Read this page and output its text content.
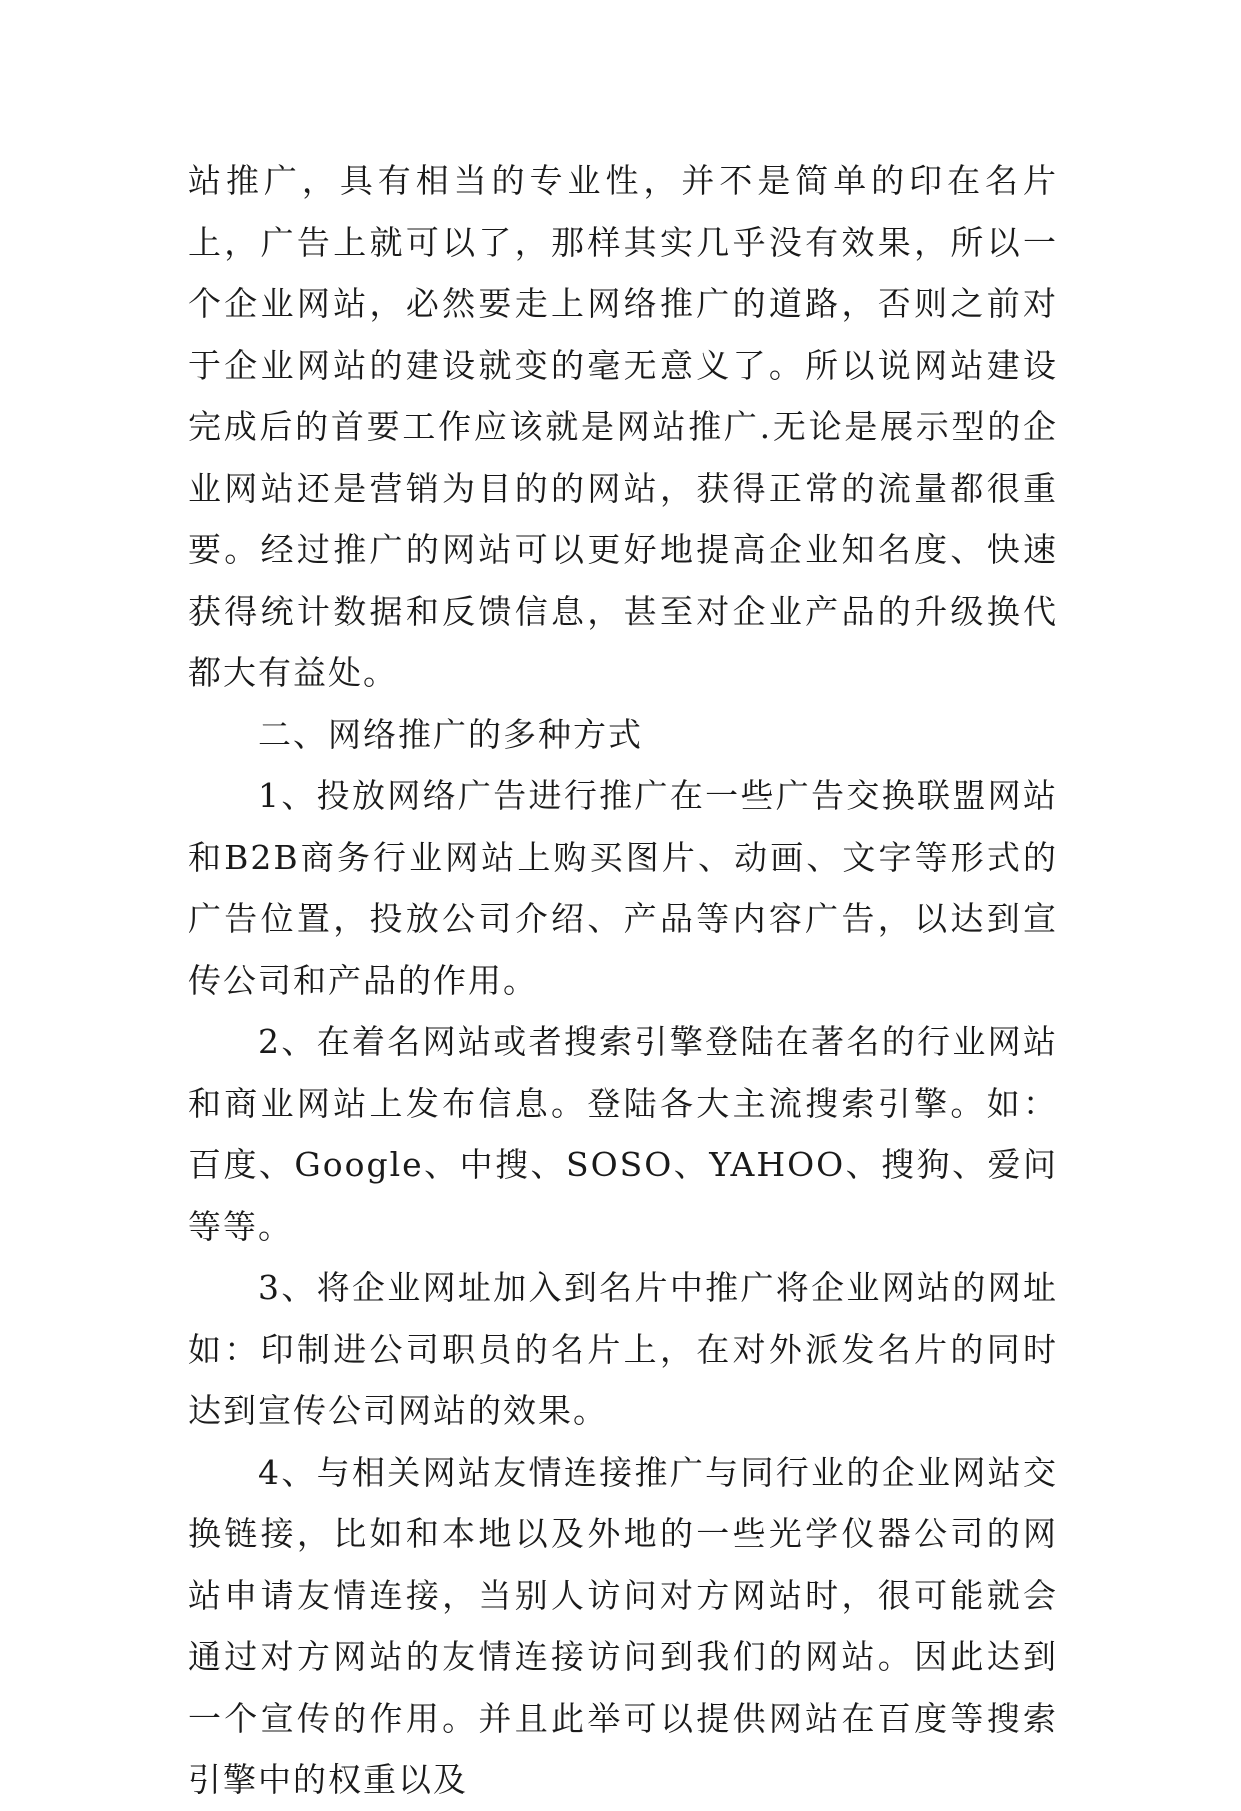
站推广，具有相当的专业性，并不是简单的印在名片上，广告上就可以了，那样其实几乎没有效果，所以一个企业网站，必然要走上网络推广的道路，否则之前对于企业网站的建设就变的毫无意义了。所以说网站建设完成后的首要工作应该就是网站推广.无论是展示型的企业网站还是营销为目的的网站，获得正常的流量都很重要。经过推广的网站可以更好地提高企业知名度、快速获得统计数据和反馈信息，甚至对企业产品的升级换代都大有益处。

二、网络推广的多种方式

1、投放网络广告进行推广在一些广告交换联盟网站和B2B商务行业网站上购买图片、动画、文字等形式的广告位置，投放公司介绍、产品等内容广告，以达到宣传公司和产品的作用。

2、在着名网站或者搜索引擎登陆在著名的行业网站和商业网站上发布信息。登陆各大主流搜索引擎。如：百度、Google、中搜、SOSO、YAHOO、搜狗、爱问等等。

3、将企业网址加入到名片中推广将企业网站的网址如：印制进公司职员的名片上，在对外派发名片的同时达到宣传公司网站的效果。

4、与相关网站友情连接推广与同行业的企业网站交换链接，比如和本地以及外地的一些光学仪器公司的网站申请友情连接，当别人访问对方网站时，很可能就会通过对方网站的友情连接访问到我们的网站。因此达到一个宣传的作用。并且此举可以提供网站在百度等搜索引擎中的权重以及
